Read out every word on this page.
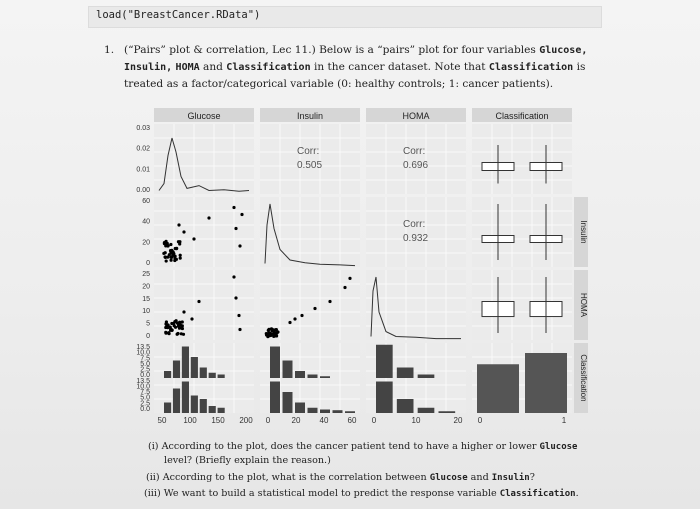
load("BreastCancer.RData")
1. (“Pairs” plot & correlation, Lec 11.) Below is a “pairs” plot for four variables Glucose,
Insulin, HOMA and Classification in the cancer dataset. Note that Classification is
treated as a factor/categorical variable (0: healthy controls; 1: cancer patients).
Glucose	Insulin	HOMA	Classification
Insulin
HOMA
Classification
Corr:
0.505
Corr:
0.696
Corr:
0.932
0.03
0.02
0.01
0.00
60
40
20
0
25
20
15
10
5
0
13.5
10.0
7.5
5.0
2.5
0.0
13.5
10.0
7.5
5.0
2.5
0.0
50 100 150 200 0	20 40 60 0	10	20 0	1
(i) According to the plot, does the cancer patient tend to have a higher or lower Glucose
level? (Briefly explain the reason.)
(ii) According to the plot, what is the correlation between Glucose and Insulin?
(iii) We want to build a statistical model to predict the response variable Classification.
